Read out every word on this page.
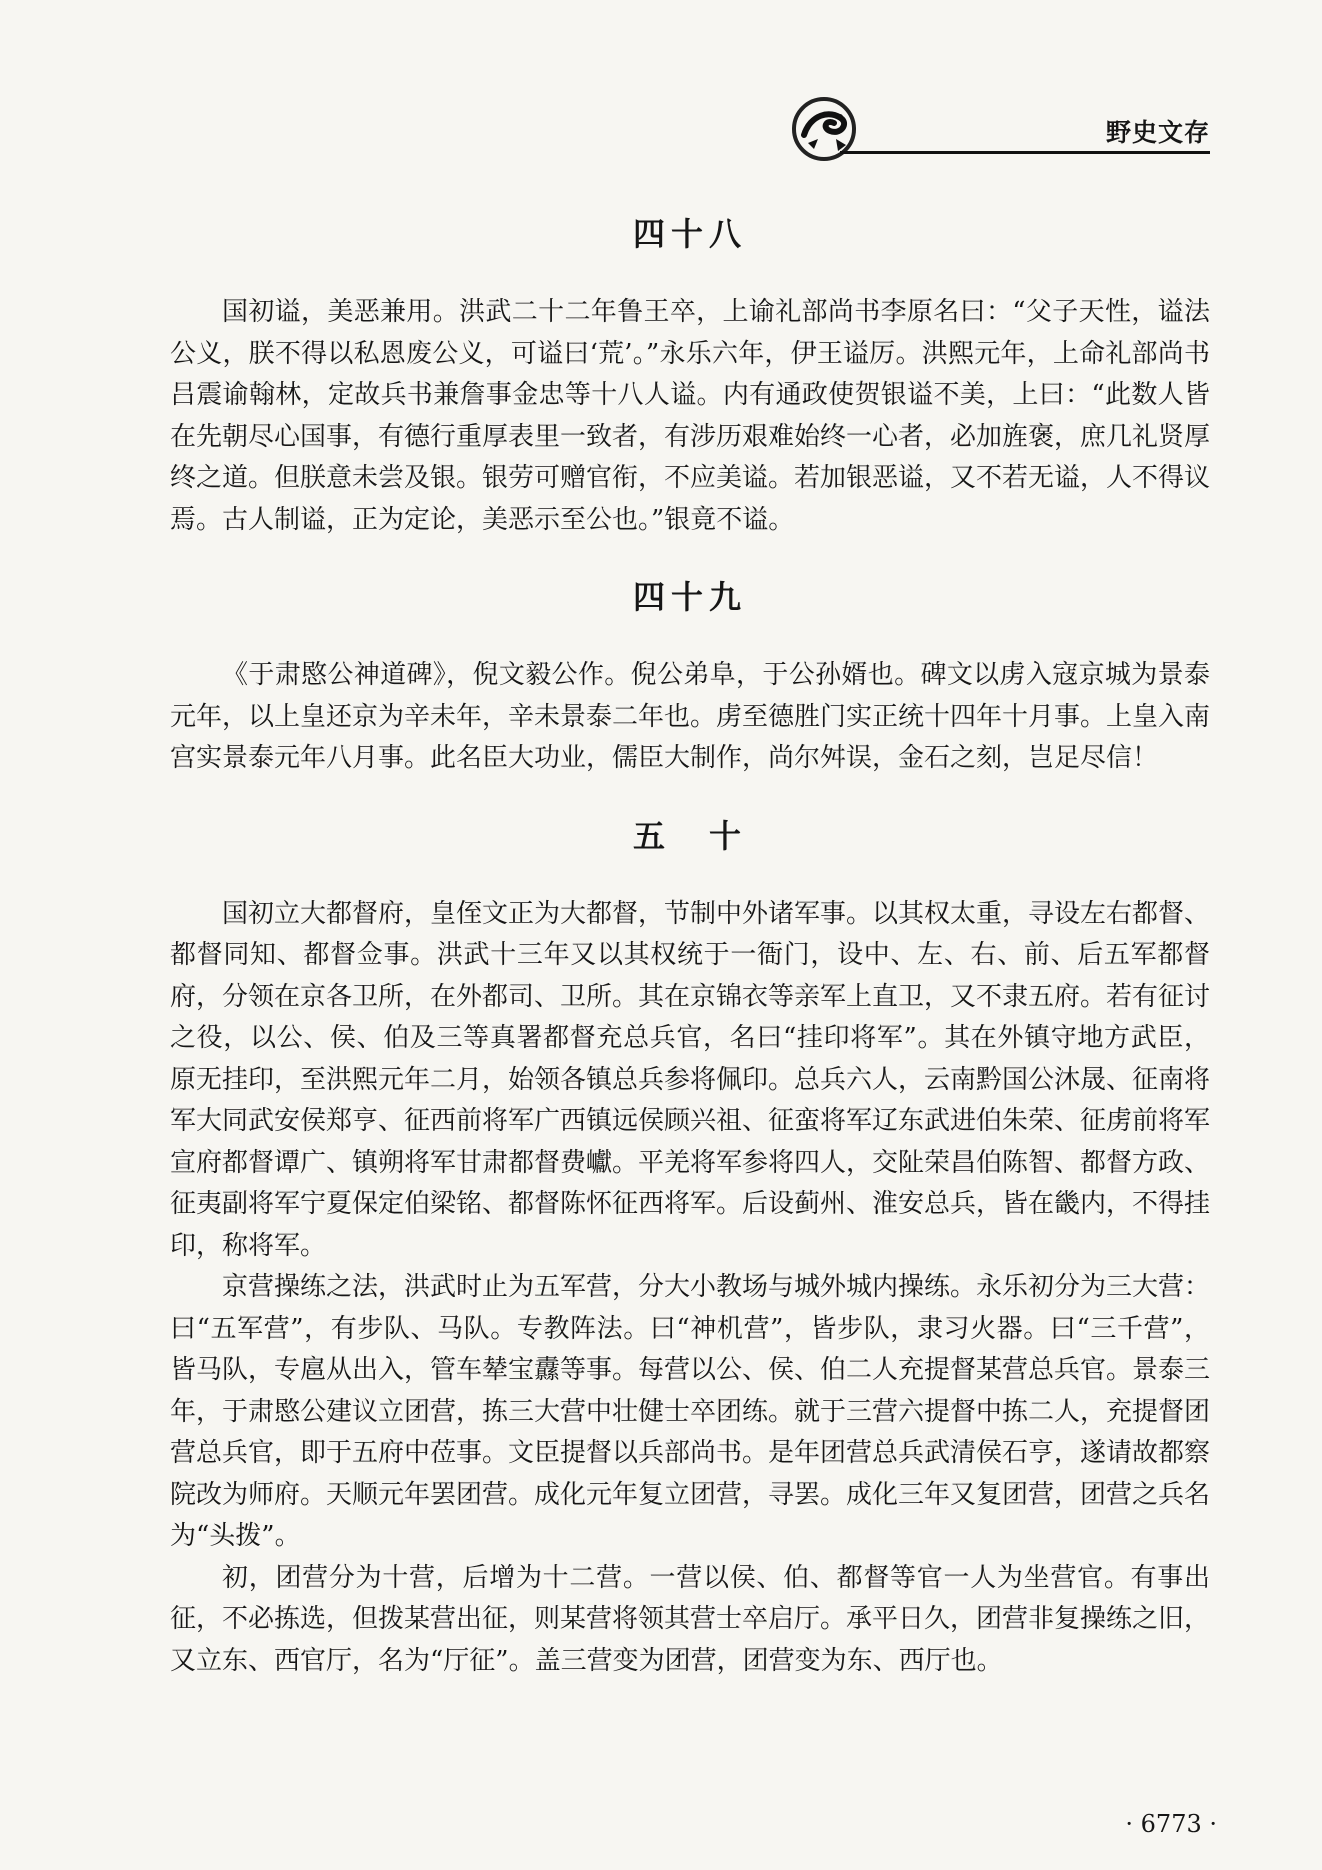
野史文存
四十八

国初谥，美恶兼用。洪武二十二年鲁王卒，上谕礼部尚书李原名曰：“父子天性，谥法公义，朕不得以私恩废公义，可谥曰‘荒’。”永乐六年，伊王谥厉。洪熙元年，上命礼部尚书吕震谕翰林，定故兵书兼詹事金忠等十八人谥。内有通政使贺银谥不美，上曰：“此数人皆在先朝尽心国事，有德行重厚表里一致者，有涉历艰难始终一心者，必加旌褒，庶几礼贤厚终之道。但朕意未尝及银。银劳可赠官衔，不应美谥。若加银恶谥，又不若无谥，人不得议焉。古人制谥，正为定论，美恶示至公也。”银竟不谥。

四十九

《于肃愍公神道碑》，倪文毅公作。倪公弟阜，于公孙婿也。碑文以虏入寇京城为景泰元年，以上皇还京为辛未年，辛未景泰二年也。虏至德胜门实正统十四年十月事。上皇入南宫实景泰元年八月事。此名臣大功业，儒臣大制作，尚尔舛误，金石之刻，岂足尽信！

五　十

国初立大都督府，皇侄文正为大都督，节制中外诸军事。以其权太重，寻设左右都督、都督同知、都督佥事。洪武十三年又以其权统于一衙门，设中、左、右、前、后五军都督府，分领在京各卫所，在外都司、卫所。其在京锦衣等亲军上直卫，又不隶五府。若有征讨之役，以公、侯、伯及三等真署都督充总兵官，名曰“挂印将军”。其在外镇守地方武臣，原无挂印，至洪熙元年二月，始领各镇总兵参将佩印。总兵六人，云南黔国公沐晟、征南将军大同武安侯郑亨、征西前将军广西镇远侯顾兴祖、征蛮将军辽东武进伯朱荣、征虏前将军宣府都督谭广、镇朔将军甘肃都督费巘。平羌将军参将四人，交阯荣昌伯陈智、都督方政、征夷副将军宁夏保定伯梁铭、都督陈怀征西将军。后设蓟州、淮安总兵，皆在畿内，不得挂印，称将军。

京营操练之法，洪武时止为五军营，分大小教场与城外城内操练。永乐初分为三大营：曰“五军营”，有步队、马队。专教阵法。曰“神机营”，皆步队，隶习火器。曰“三千营”，皆马队，专扈从出入，管车辇宝纛等事。每营以公、侯、伯二人充提督某营总兵官。景泰三年，于肃愍公建议立团营，拣三大营中壮健士卒团练。就于三营六提督中拣二人，充提督团营总兵官，即于五府中莅事。文臣提督以兵部尚书。是年团营总兵武清侯石亨，遂请故都察院改为师府。天顺元年罢团营。成化元年复立团营，寻罢。成化三年又复团营，团营之兵名为“头拨”。

初，团营分为十营，后增为十二营。一营以侯、伯、都督等官一人为坐营官。有事出征，不必拣选，但拨某营出征，则某营将领其营士卒启厅。承平日久，团营非复操练之旧，又立东、西官厅，名为“厅征”。盖三营变为团营，团营变为东、西厅也。

· 6773 ·
